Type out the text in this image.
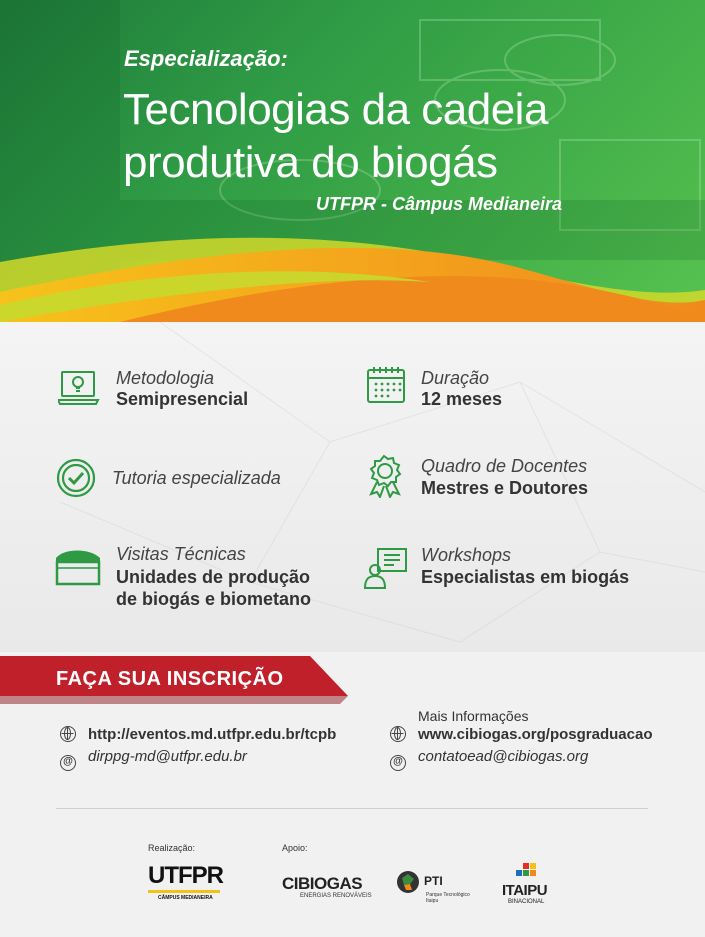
Especialização:
Tecnologias da cadeia
produtiva do biogás
UTFPR - Câmpus Medianeira
Metodologia
Semipresencial
Duração
12 meses
Tutoria especializada
Quadro de Docentes
Mestres e Doutores
Visitas Técnicas
Unidades de produção
de biogás e biometano
Workshops
Especialistas em biogás
FAÇA SUA INSCRIÇÃO
http://eventos.md.utfpr.edu.br/tcpb
@ dirppg-md@utfpr.edu.br
Mais Informações
www.cibiogas.org/posgraduacao
@ contatoead@cibiogas.org
Realização:	Apoio:
UTFPR
CÂMPUS MEDIANEIRA
CIBIOGAS
ENERGIAS RENOVÁVEIS
PTI
Parque Tecnológico
Itaipu
ITAIPU
BINACIONAL
